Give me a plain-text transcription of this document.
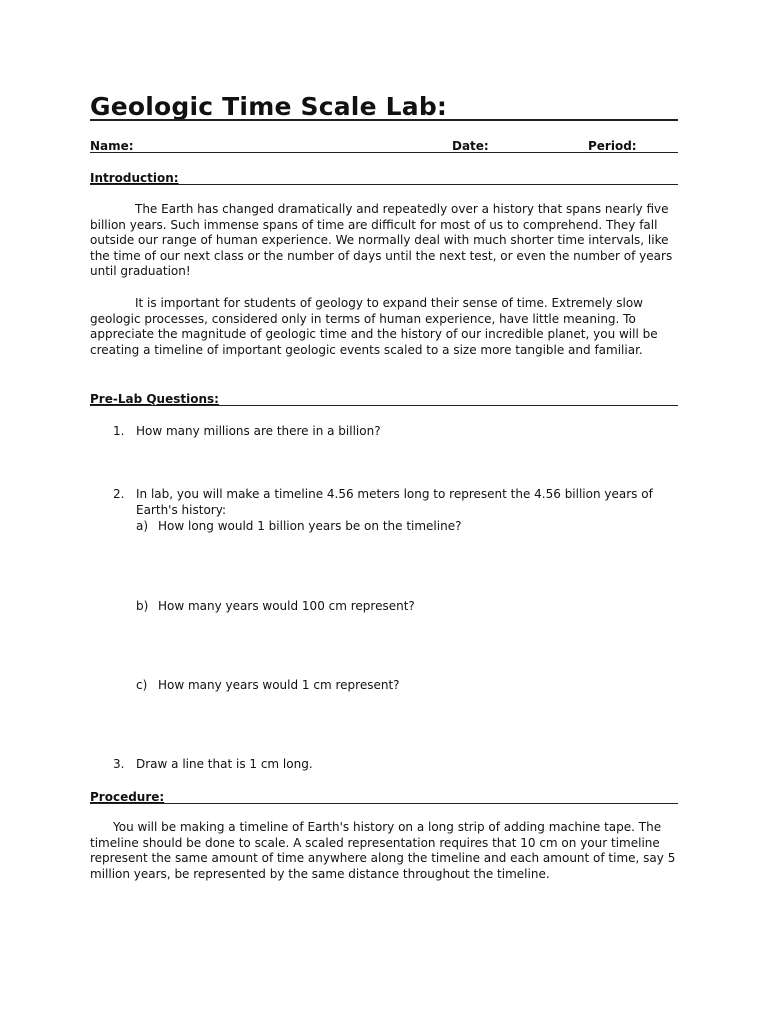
Geologic Time Scale Lab:
Name:	Date:	Period:
Introduction:
The Earth has changed dramatically and repeatedly over a history that spans nearly five billion years. Such immense spans of time are difficult for most of us to comprehend. They fall outside our range of human experience. We normally deal with much shorter time intervals, like the time of our next class or the number of days until the next test, or even the number of years until graduation!
It is important for students of geology to expand their sense of time. Extremely slow geologic processes, considered only in terms of human experience, have little meaning. To appreciate the magnitude of geologic time and the history of our incredible planet, you will be creating a timeline of important geologic events scaled to a size more tangible and familiar.
Pre-Lab Questions:
1. How many millions are there in a billion?
2. In lab, you will make a timeline 4.56 meters long to represent the 4.56 billion years of Earth's history:
a) How long would 1 billion years be on the timeline?
b) How many years would 100 cm represent?
c) How many years would 1 cm represent?
3. Draw a line that is 1 cm long.
Procedure:
You will be making a timeline of Earth's history on a long strip of adding machine tape. The timeline should be done to scale. A scaled representation requires that 10 cm on your timeline represent the same amount of time anywhere along the timeline and each amount of time, say 5 million years, be represented by the same distance throughout the timeline.
